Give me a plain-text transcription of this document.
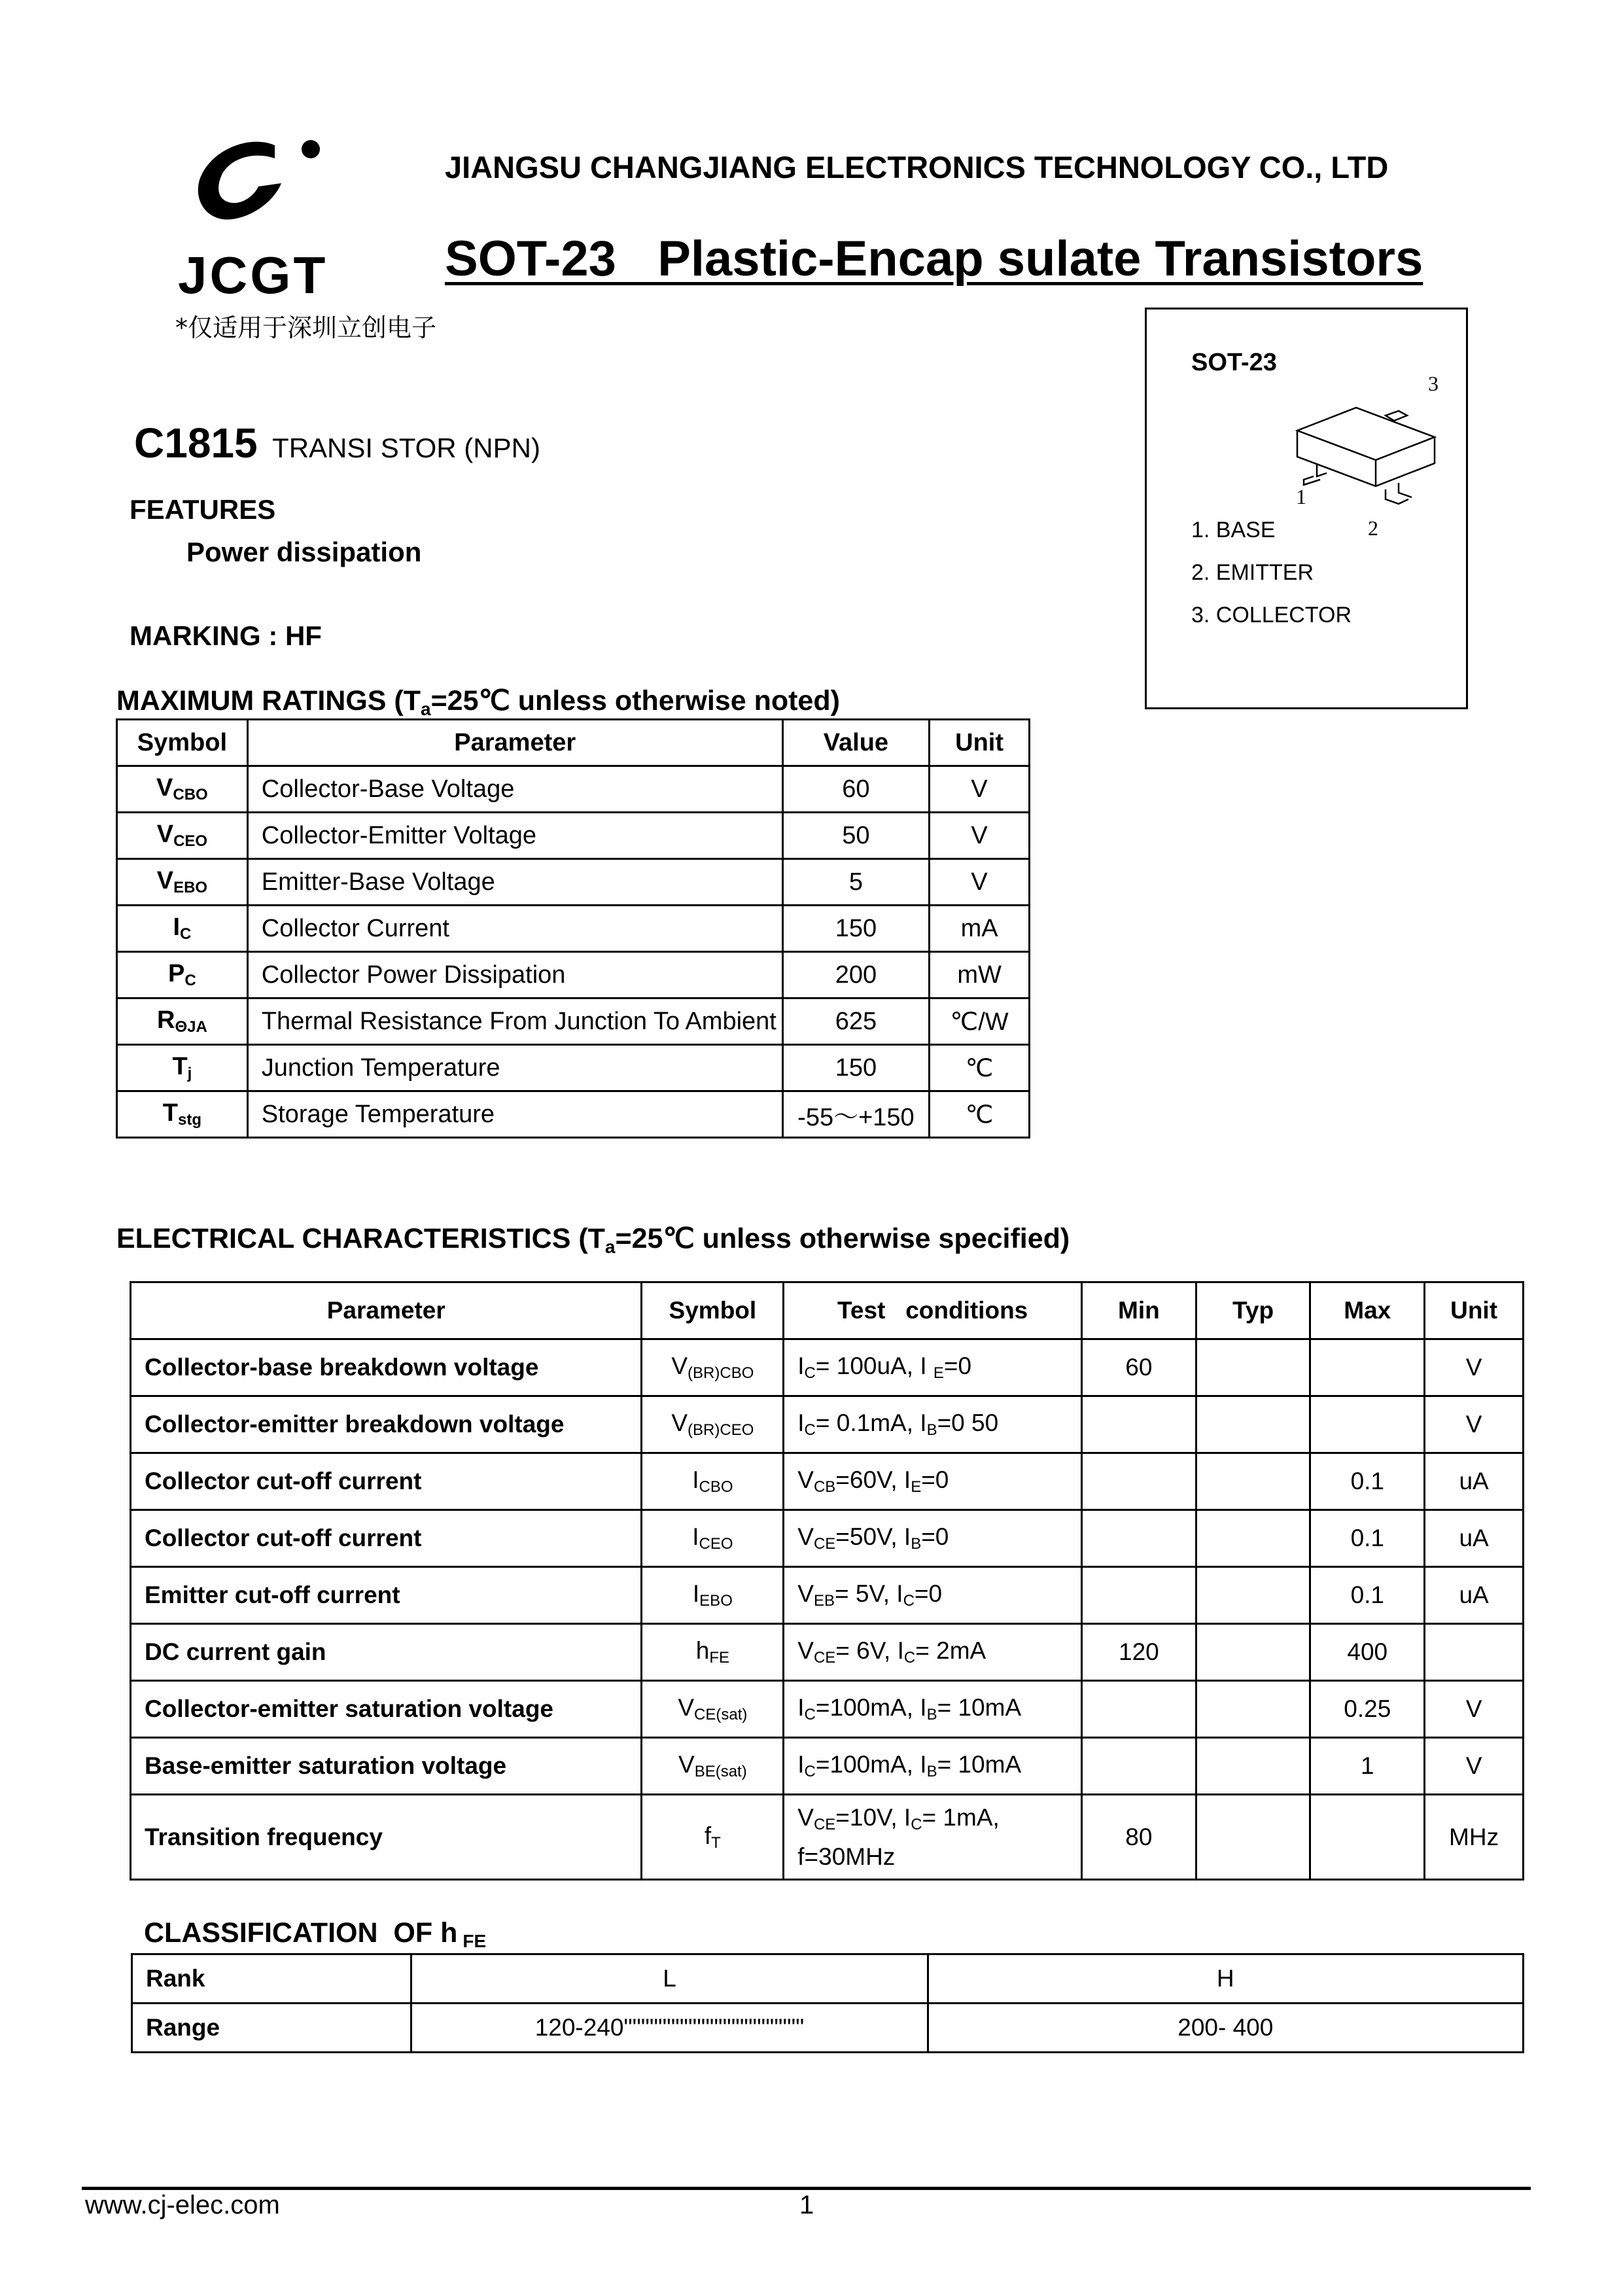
JCGT
*仅适用于深圳立创电子
JIANGSU CHANGJIANG ELECTRONICS TECHNOLOGY CO., LTD
SOT-23   Plastic-Encap sulate Transistors
SOT-23
3
1
2
1. BASE
2. EMITTER
3. COLLECTOR
C1815 TRANSI STOR (NPN)
FEATURES
Power dissipation
MARKING : HF
MAXIMUM RATINGS (Ta=25℃ unless otherwise noted)
Symbol	Parameter	Value	Unit
$V_{CBO}$	Collector-Base Voltage	60	V
$V_{CEO}$	Collector-Emitter Voltage	50	V
$V_{EBO}$	Emitter-Base Voltage	5	V
$I_C$	Collector Current	150	mA
$P_C$	Collector Power Dissipation	200	mW
$R_{\Theta JA}$	Thermal Resistance From Junction To Ambient	625	℃/W
$T_j$	Junction Temperature	150	℃
$T_{stg}$	Storage Temperature	-55～+150	℃
ELECTRICAL CHARACTERISTICS (Ta=25℃ unless otherwise specified)
Parameter	Symbol	Test   conditions	Min	Typ	Max	Unit
Collector-base breakdown voltage	$V_{(BR)CBO}$	$I_C= 100uA$, I $_E$=0	60			V
Collector-emitter breakdown voltage	$V_{(BR)CEO}$	$I_C= 0.1mA$, $I_B=0$ 50				V
Collector cut-off current	$I_{CBO}$	$V_{CB}=60V$, $I_E=0$			0.1	uA
Collector cut-off current	$I_{CEO}$	$V_{CE}=50V$, $I_B=0$			0.1	uA
Emitter cut-off current	$I_{EBO}$	$V_{EB}= 5V$, $I_C=0$			0.1	uA
DC current gain	$h_{FE}$	$V_{CE}= 6V$, $I_C= 2mA$	120		400	
Collector-emitter saturation voltage	$V_{CE(sat)}$	$I_C=100mA$, $I_B= 10mA$			0.25	V
Base-emitter saturation voltage	$V_{BE(sat)}$	$I_C=100mA$, $I_B= 10mA$			1	V
Transition frequency	$f_T$	$V_{CE}=10V$, $I_C= 1mA$,
f=30MHz	80			MHz
CLASSIFICATION  OF h FE
Rank	L	H
Range	120-240"""""""""""""""""""""	200- 400
www.cj-elec.com	1
